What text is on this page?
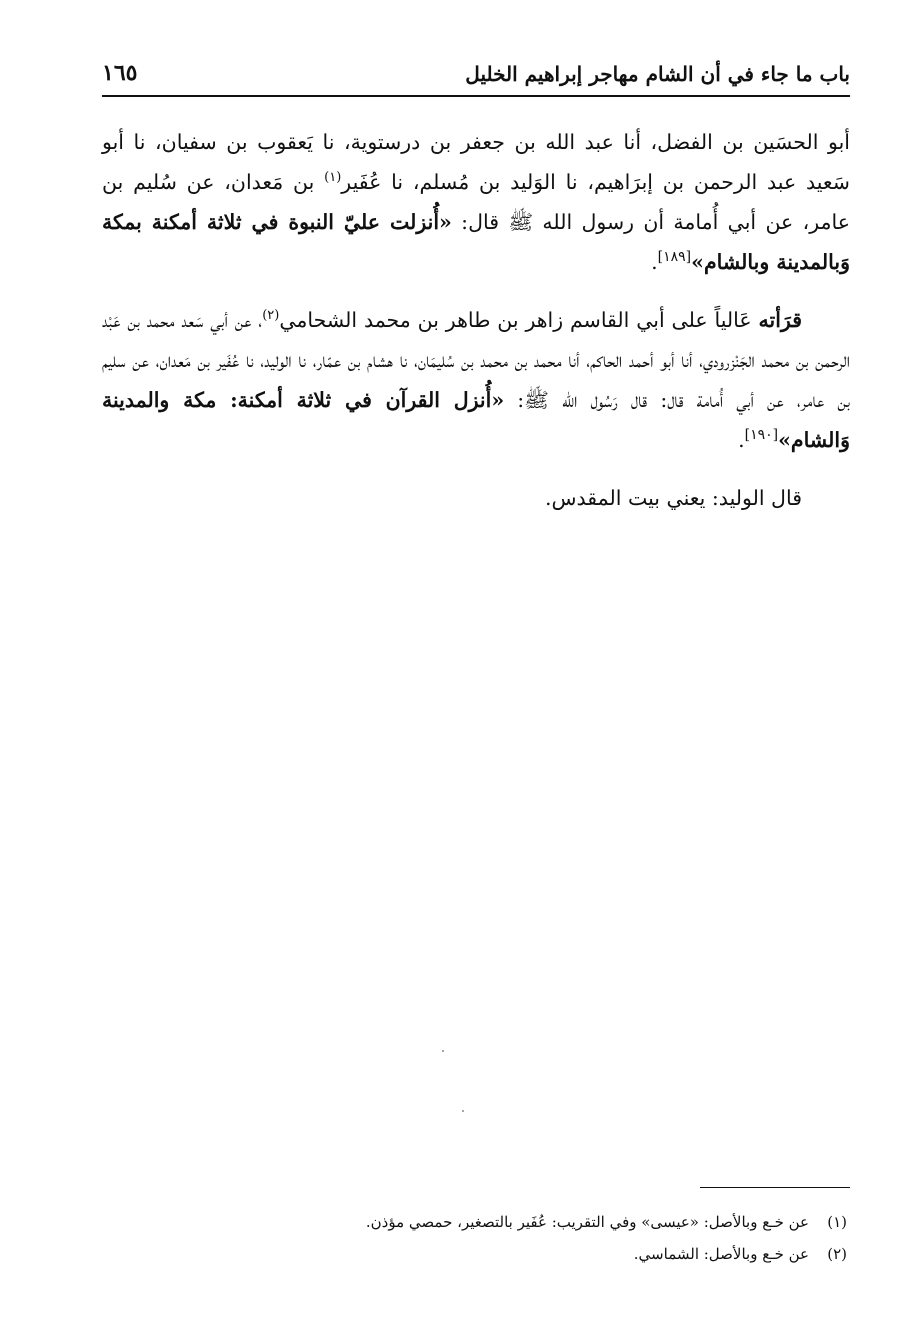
باب ما جاء في أن الشام مهاجر إبراهيم الخليل
١٦٥

أبو الحسَين بن الفضل، أنا عبد الله بن جعفر بن درستوية، نا يَعقوب بن سفيان، نا أبو سَعيد عبد الرحمن بن إبرَاهيم، نا الوَليد بن مُسلم، نا عُفَير$^{(١)}$ بن مَعدان، عن سُليم بن عامر، عن أبي أُمامة أن رسول الله ﷺ قال: «أُنزلت عليّ النبوة في ثلاثة أمكنة بمكة وَبالمدينة وبالشام»[١٨٩].

قرَأته عَالياً على أبي القاسم زاهر بن طاهر بن محمد الشحامي$^{(٢)}$، عن أبي سَعد محمد بن عَبْد الرحمن بن محمد الجَنْزرودي، أنا أبو أحمد الحاكم، أنا محمد بن محمد بن سُليمَان، نا هشام بن عمّار، نا الوليد، نا عُفَير بن مَعدان، عن سليم بن عامر، عن أبي أُمامة قال: قال رَسُول الله ﷺ: «أُنزل القرآن في ثلاثة أمكنة: مكة والمدينة وَالشام»[١٩٠].

قال الوليد: يعني بيت المقدس.

(١)عن خـع وبالأصل: «عيسى» وفي التقريب: عُفَير بالتصغير، حمصي مؤذن.
(٢)عن خـع وبالأصل: الشماسي.
